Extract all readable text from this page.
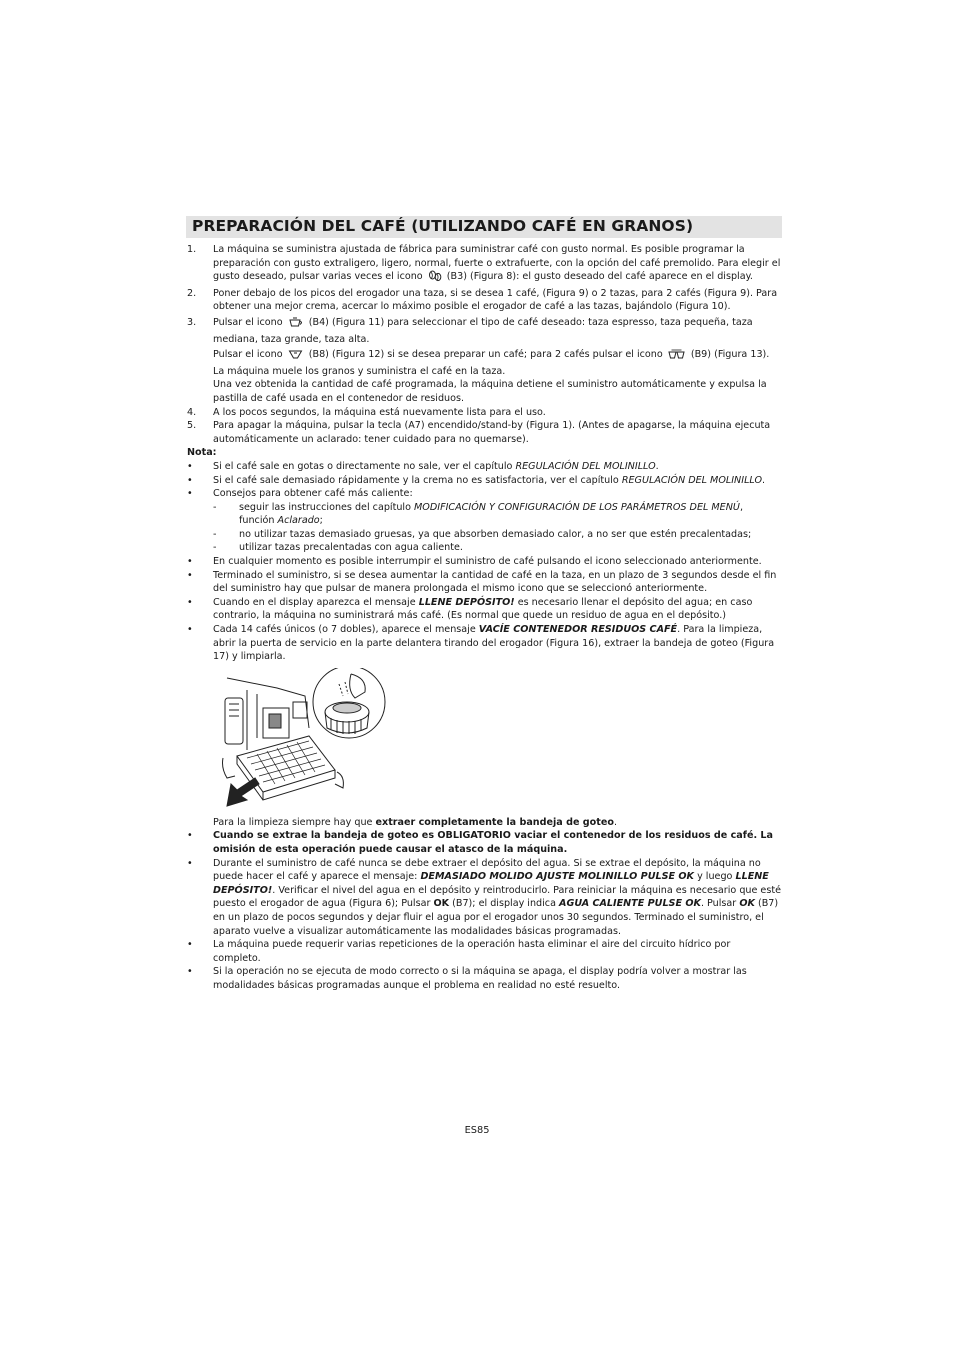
PREPARACIÓN DEL CAFÉ (UTILIZANDO CAFÉ EN GRANOS)
1. La máquina se suministra ajustada de fábrica para suministrar café con gusto normal. Es posible programar la preparación con gusto extraligero, ligero, normal, fuerte o extrafuerte, con la opción del café premolido. Para elegir el gusto deseado, pulsar varias veces el icono	(B3) (Figura 8): el gusto deseado del café aparece en el display.
2. Poner debajo de los picos del erogador una taza, si se desea 1 café, (Figura 9) o 2 tazas, para 2 cafés (Figura 9). Para obtener una mejor crema, acercar lo máximo posible el erogador de café a las tazas, bajándolo (Figura 10).
3. Pulsar el icono	(B4) (Figura 11) para seleccionar el tipo de café deseado: taza espresso, taza pequeña, taza mediana, taza grande, taza alta.
Pulsar el icono	(B8) (Figura 12) si se desea preparar un café; para 2 cafés pulsar el icono	(B9) (Figura 13).
La máquina muele los granos y suministra el café en la taza.
Una vez obtenida la cantidad de café programada, la máquina detiene el suministro automáticamente y expulsa la pastilla de café usada en el contenedor de residuos.
4. A los pocos segundos, la máquina está nuevamente lista para el uso.
5. Para apagar la máquina, pulsar la tecla (A7) encendido/stand-by (Figura 1). (Antes de apagarse, la máquina ejecuta automáticamente un aclarado: tener cuidado para no quemarse).
Nota:
• Si el café sale en gotas o directamente no sale, ver el capítulo REGULACIÓN DEL MOLINILLO.
• Si el café sale demasiado rápidamente y la crema no es satisfactoria, ver el capítulo REGULACIÓN DEL MOLINILLO.
• Consejos para obtener café más caliente:
- seguir las instrucciones del capítulo MODIFICACIÓN Y CONFIGURACIÓN DE LOS PARÁMETROS DEL MENÚ, función Aclarado;
- no utilizar tazas demasiado gruesas, ya que absorben demasiado calor, a no ser que estén precalentadas;
- utilizar tazas precalentadas con agua caliente.
• En cualquier momento es posible interrumpir el suministro de café pulsando el icono seleccionado anteriormente.
• Terminado el suministro, si se desea aumentar la cantidad de café en la taza, en un plazo de 3 segundos desde el fin del suministro hay que pulsar de manera prolongada el mismo icono que se seleccionó anteriormente.
• Cuando en el display aparezca el mensaje LLENE DEPÓSITO! es necesario llenar el depósito del agua; en caso contrario, la máquina no suministrará más café. (Es normal que quede un residuo de agua en el depósito.)
• Cada 14 cafés únicos (o 7 dobles), aparece el mensaje VACÍE CONTENEDOR RESIDUOS CAFÉ. Para la limpieza, abrir la puerta de servicio en la parte delantera tirando del erogador (Figura 16), extraer la bandeja de goteo (Figura 17) y limpiarla.
Para la limpieza siempre hay que extraer completamente la bandeja de goteo.
• Cuando se extrae la bandeja de goteo es OBLIGATORIO vaciar el contenedor de los residuos de café. La omisión de esta operación puede causar el atasco de la máquina.
• Durante el suministro de café nunca se debe extraer el depósito del agua. Si se extrae el depósito, la máquina no puede hacer el café y aparece el mensaje: DEMASIADO MOLIDO AJUSTE MOLINILLO PULSE OK y luego LLENE DEPÓSITO!. Verificar el nivel del agua en el depósito y reintroducirlo. Para reiniciar la máquina es necesario que esté puesto el erogador de agua (Figura 6); Pulsar OK (B7); el display indica AGUA CALIENTE PULSE OK. Pulsar OK (B7) en un plazo de pocos segundos y dejar fluir el agua por el erogador unos 30 segundos. Terminado el suministro, el aparato vuelve a visualizar automáticamente las modalidades básicas programadas.
• La máquina puede requerir varias repeticiones de la operación hasta eliminar el aire del circuito hídrico por completo.
• Si la operación no se ejecuta de modo correcto o si la máquina se apaga, el display podría volver a mostrar las modalidades básicas programadas aunque el problema en realidad no esté resuelto.
ES85
